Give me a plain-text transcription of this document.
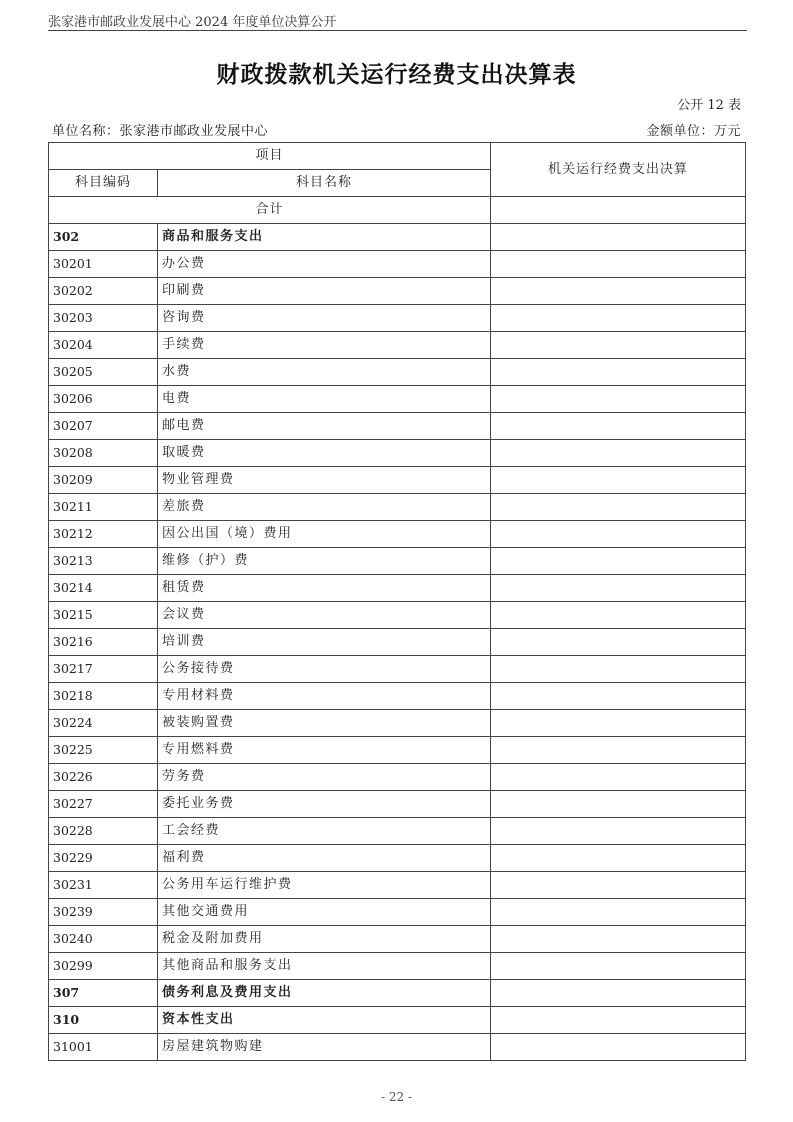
张家港市邮政业发展中心 2024 年度单位决算公开
财政拨款机关运行经费支出决算表
公开 12 表
单位名称：张家港市邮政业发展中心	金额单位：万元
项目		机关运行经费支出决算
科目编码	科目名称	
合计		
302	商品和服务支出	
30201	办公费	
30202	印刷费	
30203	咨询费	
30204	手续费	
30205	水费	
30206	电费	
30207	邮电费	
30208	取暖费	
30209	物业管理费	
30211	差旅费	
30212	因公出国（境）费用	
30213	维修（护）费	
30214	租赁费	
30215	会议费	
30216	培训费	
30217	公务接待费	
30218	专用材料费	
30224	被装购置费	
30225	专用燃料费	
30226	劳务费	
30227	委托业务费	
30228	工会经费	
30229	福利费	
30231	公务用车运行维护费	
30239	其他交通费用	
30240	税金及附加费用	
30299	其他商品和服务支出	
307	债务利息及费用支出	
310	资本性支出	
31001	房屋建筑物购建	
- 22 -
